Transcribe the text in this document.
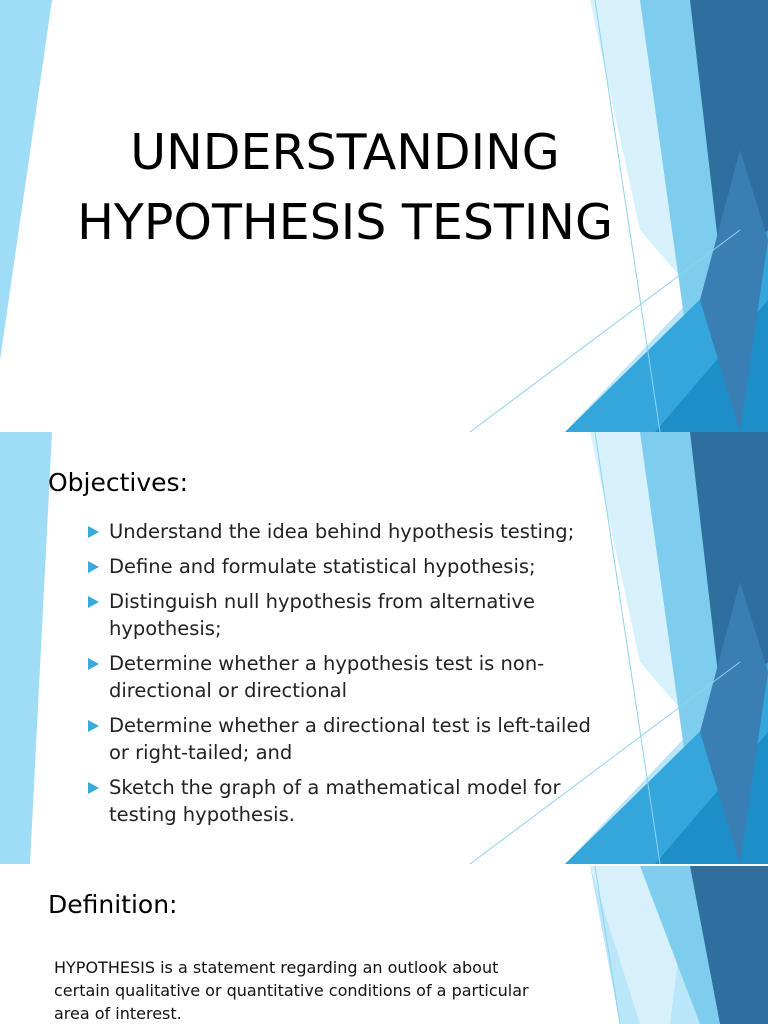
UNDERSTANDING
HYPOTHESIS TESTING
Objectives:
Understand the idea behind hypothesis testing;
Define and formulate statistical hypothesis;
Distinguish null hypothesis from alternative
hypothesis;
Determine whether a hypothesis test is non-
directional or directional
Determine whether a directional test is left-tailed
or right-tailed; and
Sketch the graph of a mathematical model for
testing hypothesis.
Definition:

HYPOTHESIS is a statement regarding an outlook about
certain qualitative or quantitative conditions of a particular
area of interest.
